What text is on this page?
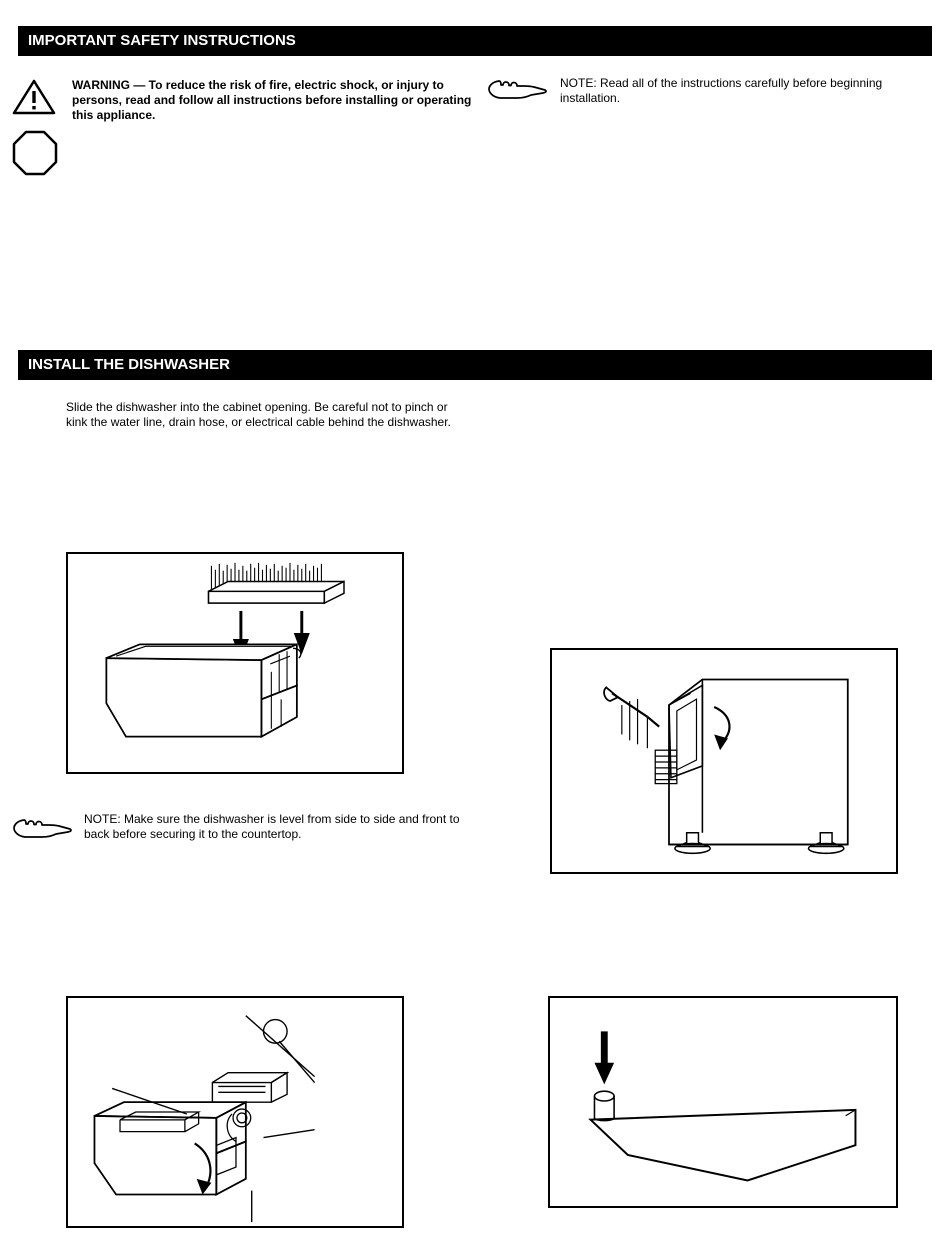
IMPORTANT SAFETY INSTRUCTIONS
WARNING — To reduce the risk of fire, electric shock, or injury to persons, read and follow all instructions before installing or operating this appliance.
NOTE: Read all of the instructions carefully before beginning installation.
INSTALL THE DISHWASHER
Slide the dishwasher into the cabinet opening. Be careful not to pinch or kink the water line, drain hose, or electrical cable behind the dishwasher.
NOTE: Make sure the dishwasher is level from side to side and front to back before securing it to the countertop.
